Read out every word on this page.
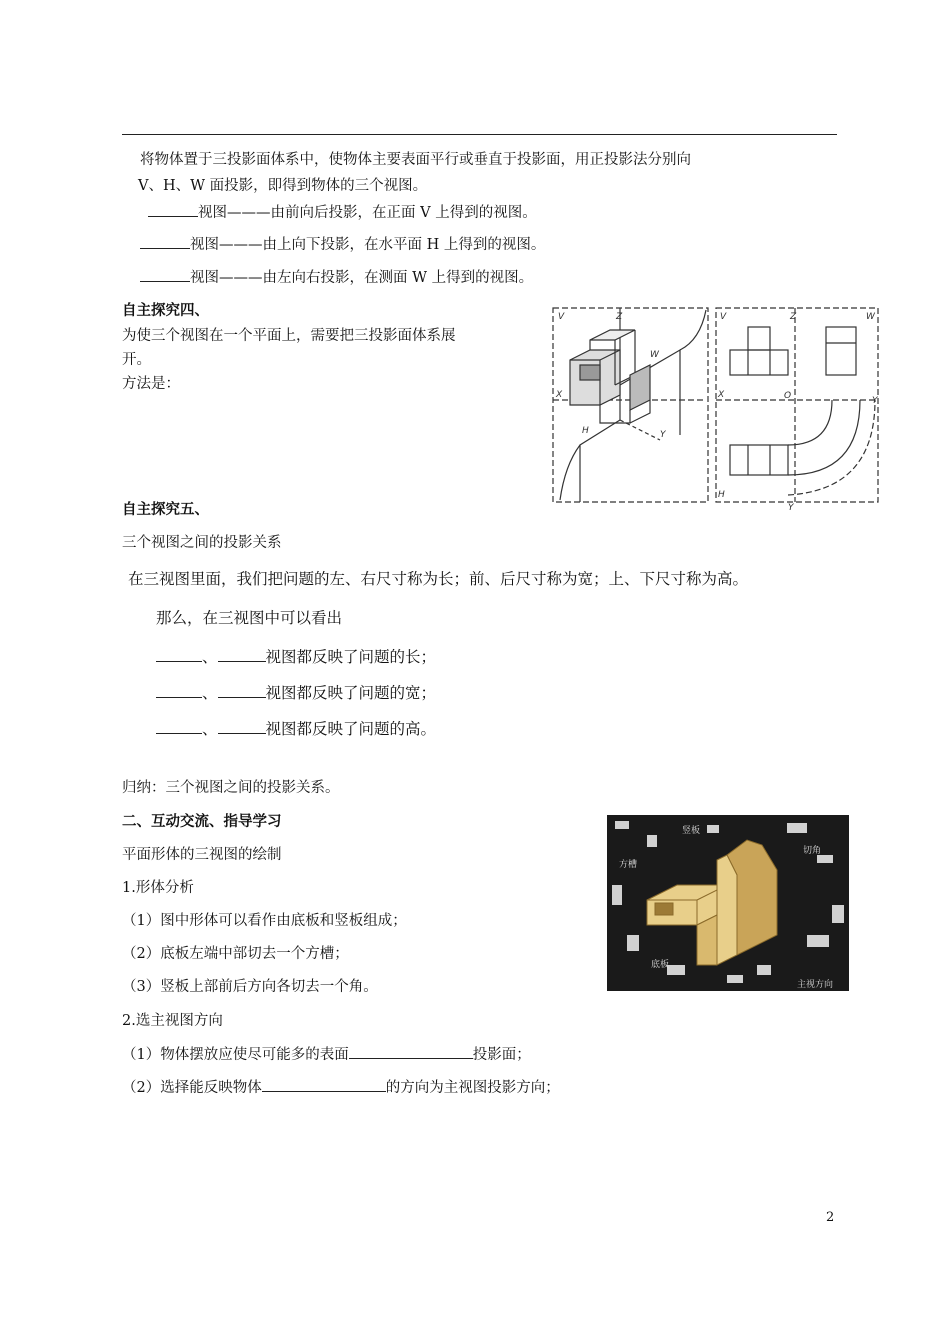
将物体置于三投影面体系中，使物体主要表面平行或垂直于投影面，用正投影法分别向
V、H、W 面投影，即得到物体的三个视图。
视图———由前向后投影，在正面 V 上得到的视图。
视图———由上向下投影，在水平面 H 上得到的视图。
视图———由左向右投影，在测面 W 上得到的视图。
自主探究四、
为使三个视图在一个平面上，需要把三投影面体系展
开。
方法是：
Z
V
W
X
H	Y
V	Z	W
X	O	Y
H
Y
自主探究五、
三个视图之间的投影关系
在三视图里面，我们把问题的左、右尺寸称为长；前、后尺寸称为宽；上、下尺寸称为高。
那么，在三视图中可以看出
、	视图都反映了问题的长；
、	视图都反映了问题的宽；
、	视图都反映了问题的高。
归纳：三个视图之间的投影关系。
二、互动交流、指导学习
平面形体的三视图的绘制
1.形体分析
（1）图中形体可以看作由底板和竖板组成；
（2）底板左端中部切去一个方槽；
（3）竖板上部前后方向各切去一个角。
2.选主视图方向
（1）物体摆放应使尽可能多的表面	投影面；
（2）选择能反映物体	的方向为主视图投影方向；
竖板
方槽
切角
底板
主视方向
2
